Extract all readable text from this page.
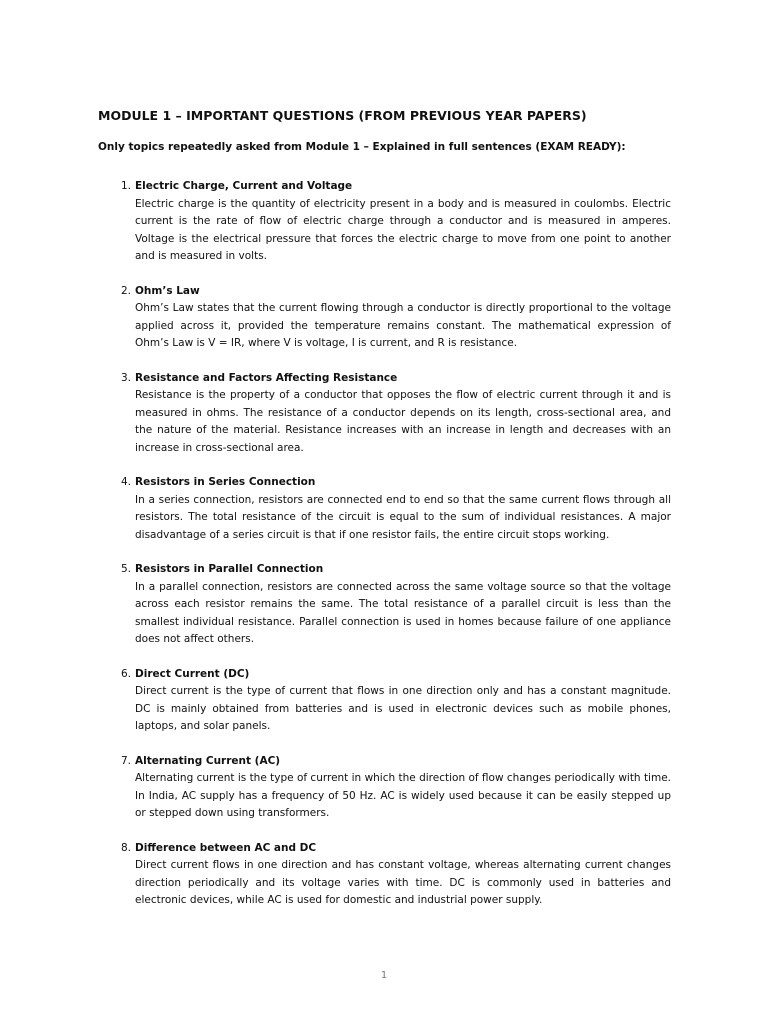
MODULE 1 – IMPORTANT QUESTIONS (FROM PREVIOUS YEAR PAPERS)
Only topics repeatedly asked from Module 1 – Explained in full sentences (EXAM READY):
1. Electric Charge, Current and Voltage

Electric charge is the quantity of electricity present in a body and is measured in coulombs. Electric current is the rate of flow of electric charge through a conductor and is measured in amperes. Voltage is the electrical pressure that forces the electric charge to move from one point to another and is measured in volts.

2. Ohm’s Law

Ohm’s Law states that the current flowing through a conductor is directly proportional to the voltage applied across it, provided the temperature remains constant. The mathematical expression of Ohm’s Law is V = IR, where V is voltage, I is current, and R is resistance.

3. Resistance and Factors Affecting Resistance

Resistance is the property of a conductor that opposes the flow of electric current through it and is measured in ohms. The resistance of a conductor depends on its length, cross-sectional area, and the nature of the material. Resistance increases with an increase in length and decreases with an increase in cross-sectional area.

4. Resistors in Series Connection

In a series connection, resistors are connected end to end so that the same current flows through all resistors. The total resistance of the circuit is equal to the sum of individual resistances. A major disadvantage of a series circuit is that if one resistor fails, the entire circuit stops working.

5. Resistors in Parallel Connection

In a parallel connection, resistors are connected across the same voltage source so that the voltage across each resistor remains the same. The total resistance of a parallel circuit is less than the smallest individual resistance. Parallel connection is used in homes because failure of one appliance does not affect others.

6. Direct Current (DC)

Direct current is the type of current that flows in one direction only and has a constant magnitude. DC is mainly obtained from batteries and is used in electronic devices such as mobile phones, laptops, and solar panels.

7. Alternating Current (AC)

Alternating current is the type of current in which the direction of flow changes periodically with time. In India, AC supply has a frequency of 50 Hz. AC is widely used because it can be easily stepped up or stepped down using transformers.

8. Difference between AC and DC

Direct current flows in one direction and has constant voltage, whereas alternating current changes direction periodically and its voltage varies with time. DC is commonly used in batteries and electronic devices, while AC is used for domestic and industrial power supply.

1
